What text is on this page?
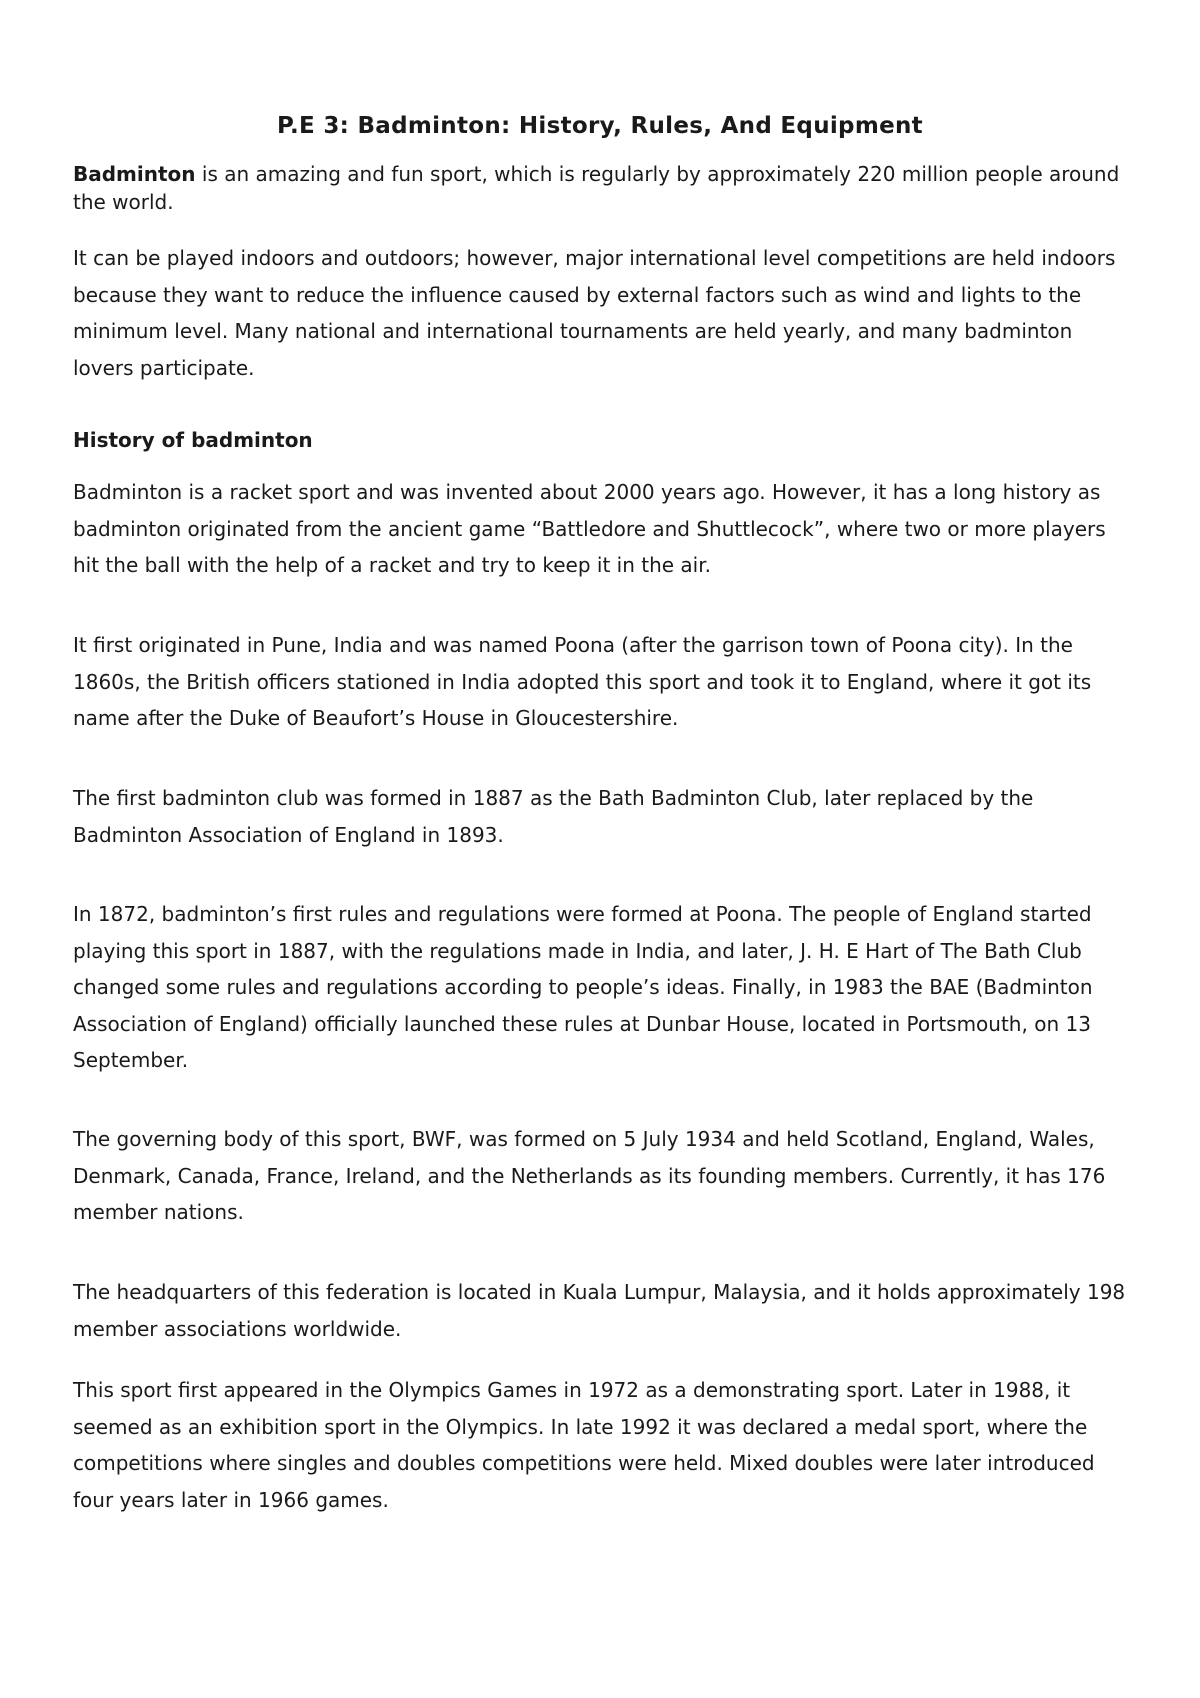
P.E 3: Badminton: History, Rules, And Equipment

Badminton is an amazing and fun sport, which is regularly by approximately 220 million people around the world.

It can be played indoors and outdoors; however, major international level competitions are held indoors because they want to reduce the influence caused by external factors such as wind and lights to the minimum level. Many national and international tournaments are held yearly, and many badminton lovers participate.

History of badminton

Badminton is a racket sport and was invented about 2000 years ago. However, it has a long history as badminton originated from the ancient game “Battledore and Shuttlecock”, where two or more players hit the ball with the help of a racket and try to keep it in the air.

It first originated in Pune, India and was named Poona (after the garrison town of Poona city). In the 1860s, the British officers stationed in India adopted this sport and took it to England, where it got its name after the Duke of Beaufort’s House in Gloucestershire.

The first badminton club was formed in 1887 as the Bath Badminton Club, later replaced by the Badminton Association of England in 1893.

In 1872, badminton’s first rules and regulations were formed at Poona. The people of England started playing this sport in 1887, with the regulations made in India, and later, J. H. E Hart of The Bath Club changed some rules and regulations according to people’s ideas. Finally, in 1983 the BAE (Badminton Association of England) officially launched these rules at Dunbar House, located in Portsmouth, on 13 September.

The governing body of this sport, BWF, was formed on 5 July 1934 and held Scotland, England, Wales, Denmark, Canada, France, Ireland, and the Netherlands as its founding members. Currently, it has 176 member nations.

The headquarters of this federation is located in Kuala Lumpur, Malaysia, and it holds approximately 198 member associations worldwide.

This sport first appeared in the Olympics Games in 1972 as a demonstrating sport. Later in 1988, it seemed as an exhibition sport in the Olympics. In late 1992 it was declared a medal sport, where the competitions where singles and doubles competitions were held. Mixed doubles were later introduced four years later in 1966 games.
